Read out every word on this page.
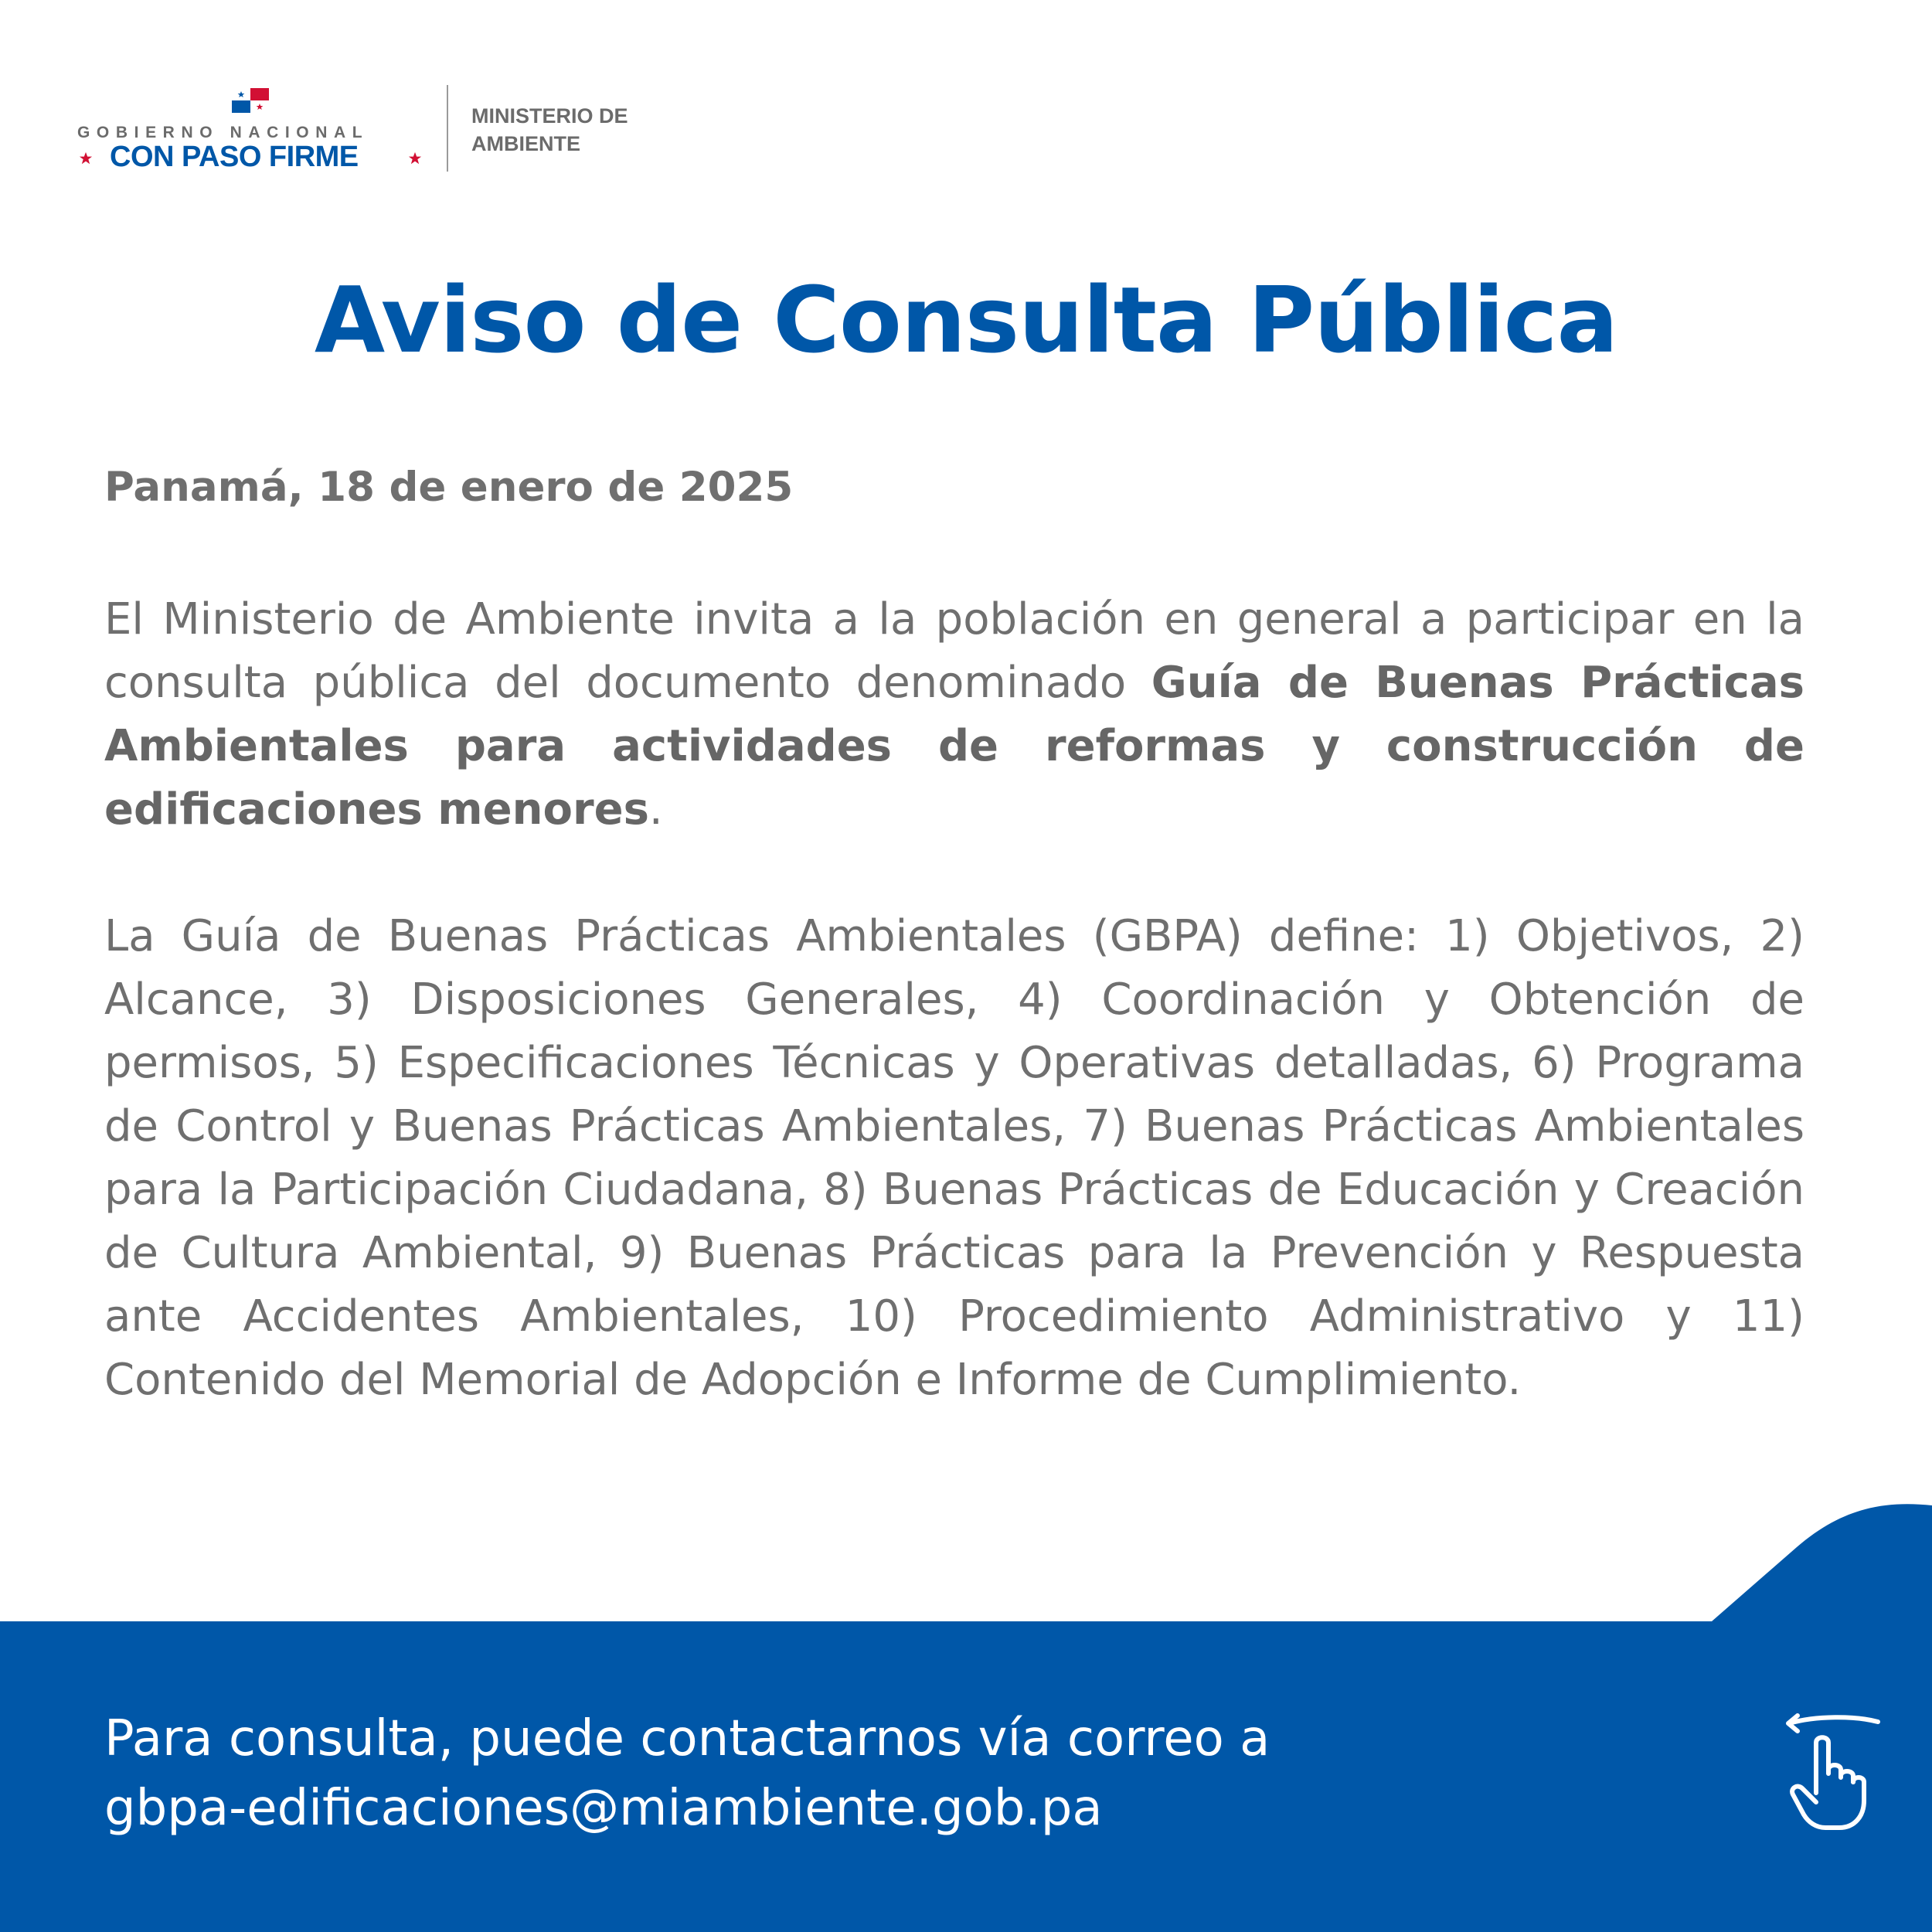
GOBIERNO NACIONAL
CON PASO FIRME
MINISTERIO DE
AMBIENTE
Aviso de Consulta Pública
Panamá, 18 de enero de 2025
El Ministerio de Ambiente invita a la población en general a participar en la consulta pública del documento denominado Guía de Buenas Prácticas Ambientales para actividades de reformas y construcción de edificaciones menores.
La Guía de Buenas Prácticas Ambientales (GBPA) define: 1) Objetivos, 2) Alcance, 3) Disposiciones Generales, 4) Coordinación y Obtención de permisos, 5) Especificaciones Técnicas y Operativas detalladas, 6) Programa de Control y Buenas Prácticas Ambientales, 7) Buenas Prácticas Ambientales para la Participación Ciudadana, 8) Buenas Prácticas de Educación y Creación de Cultura Ambiental, 9) Buenas Prácticas para la Prevención y Respuesta ante Accidentes Ambientales, 10) Procedimiento Administrativo y 11) Contenido del Memorial de Adopción e Informe de Cumplimiento.
Para consulta, puede contactarnos vía correo a
gbpa-edificaciones@miambiente.gob.pa
